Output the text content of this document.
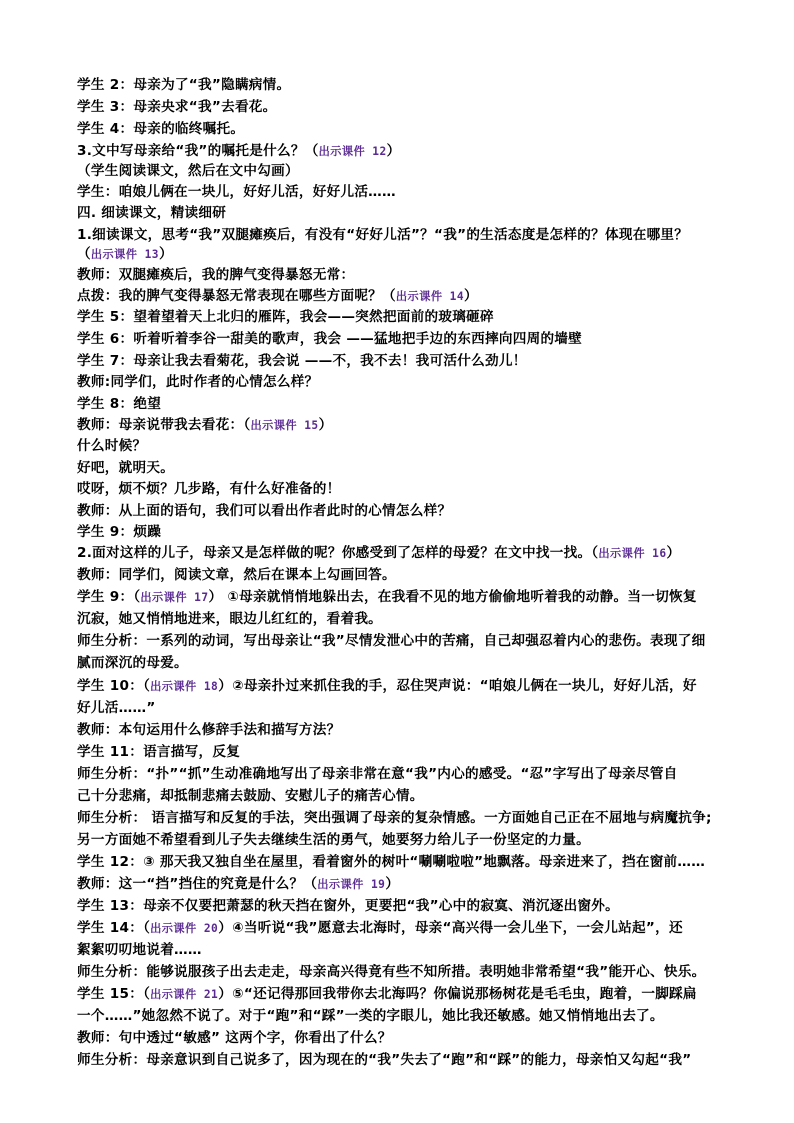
学生 2：母亲为了“我”隐瞒病情。
学生 3：母亲央求“我”去看花。
学生 4：母亲的临终嘱托。
3.文中写母亲给“我”的嘱托是什么？（出示课件 12）
（学生阅读课文，然后在文中勾画）
学生：咱娘儿俩在一块儿，好好儿活，好好儿活……
四. 细读课文，精读细研
1.细读课文，思考“我”双腿瘫痪后，有没有“好好儿活”？“我”的生活态度是怎样的？体现在哪里？
（出示课件 13）
教师：双腿瘫痪后，我的脾气变得暴怒无常：
点拨：我的脾气变得暴怒无常表现在哪些方面呢？（出示课件 14）
学生 5：望着望着天上北归的雁阵，我会——突然把面前的玻璃砸碎
学生 6：听着听着李谷一甜美的歌声，我会 ——猛地把手边的东西摔向四周的墙壁
学生 7：母亲让我去看菊花，我会说 ——不，我不去！我可活什么劲儿！
教师:同学们，此时作者的心情怎么样？
学生 8：绝望
教师：母亲说带我去看花：（出示课件 15）
什么时候？
好吧，就明天。
哎呀，烦不烦？几步路，有什么好准备的！
教师：从上面的语句，我们可以看出作者此时的心情怎么样？
学生 9：烦躁
2.面对这样的儿子，母亲又是怎样做的呢？你感受到了怎样的母爱？在文中找一找。（出示课件 16）
教师：同学们，阅读文章，然后在课本上勾画回答。
学生 9：（出示课件 17） ①母亲就悄悄地躲出去，在我看不见的地方偷偷地听着我的动静。当一切恢复
沉寂，她又悄悄地进来，眼边儿红红的，看着我。
师生分析：一系列的动词，写出母亲让“我”尽情发泄心中的苦痛，自己却强忍着内心的悲伤。表现了细
腻而深沉的母爱。
学生 10：（出示课件 18）②母亲扑过来抓住我的手，忍住哭声说：“咱娘儿俩在一块儿，好好儿活，好
好儿活……”
教师：本句运用什么修辞手法和描写方法？
学生 11：语言描写，反复
师生分析：“扑”“抓”生动准确地写出了母亲非常在意“我”内心的感受。“忍”字写出了母亲尽管自
己十分悲痛，却抵制悲痛去鼓励、安慰儿子的痛苦心情。
师生分析： 语言描写和反复的手法，突出强调了母亲的复杂情感。一方面她自己正在不屈地与病魔抗争;
另一方面她不希望看到儿子失去继续生活的勇气，她要努力给儿子一份坚定的力量。
学生 12：③ 那天我又独自坐在屋里，看着窗外的树叶“唰唰啦啦”地飘落。母亲进来了，挡在窗前……
教师：这一“挡”挡住的究竟是什么？（出示课件 19）
学生 13：母亲不仅要把萧瑟的秋天挡在窗外，更要把“我”心中的寂寞、消沉逐出窗外。
学生 14：（出示课件 20）④当听说“我”愿意去北海时，母亲“高兴得一会儿坐下，一会儿站起”，还
絮絮叨叨地说着……
师生分析：能够说服孩子出去走走，母亲高兴得竟有些不知所措。表明她非常希望“我”能开心、快乐。
学生 15：（出示课件 21）⑤“还记得那回我带你去北海吗？你偏说那杨树花是毛毛虫，跑着，一脚踩扁
一个……”她忽然不说了。对于“跑”和“踩”一类的字眼儿，她比我还敏感。她又悄悄地出去了。
教师：句中透过“敏感” 这两个字，你看出了什么？
师生分析：母亲意识到自己说多了，因为现在的“我”失去了“跑”和“踩”的能力，母亲怕又勾起“我”
